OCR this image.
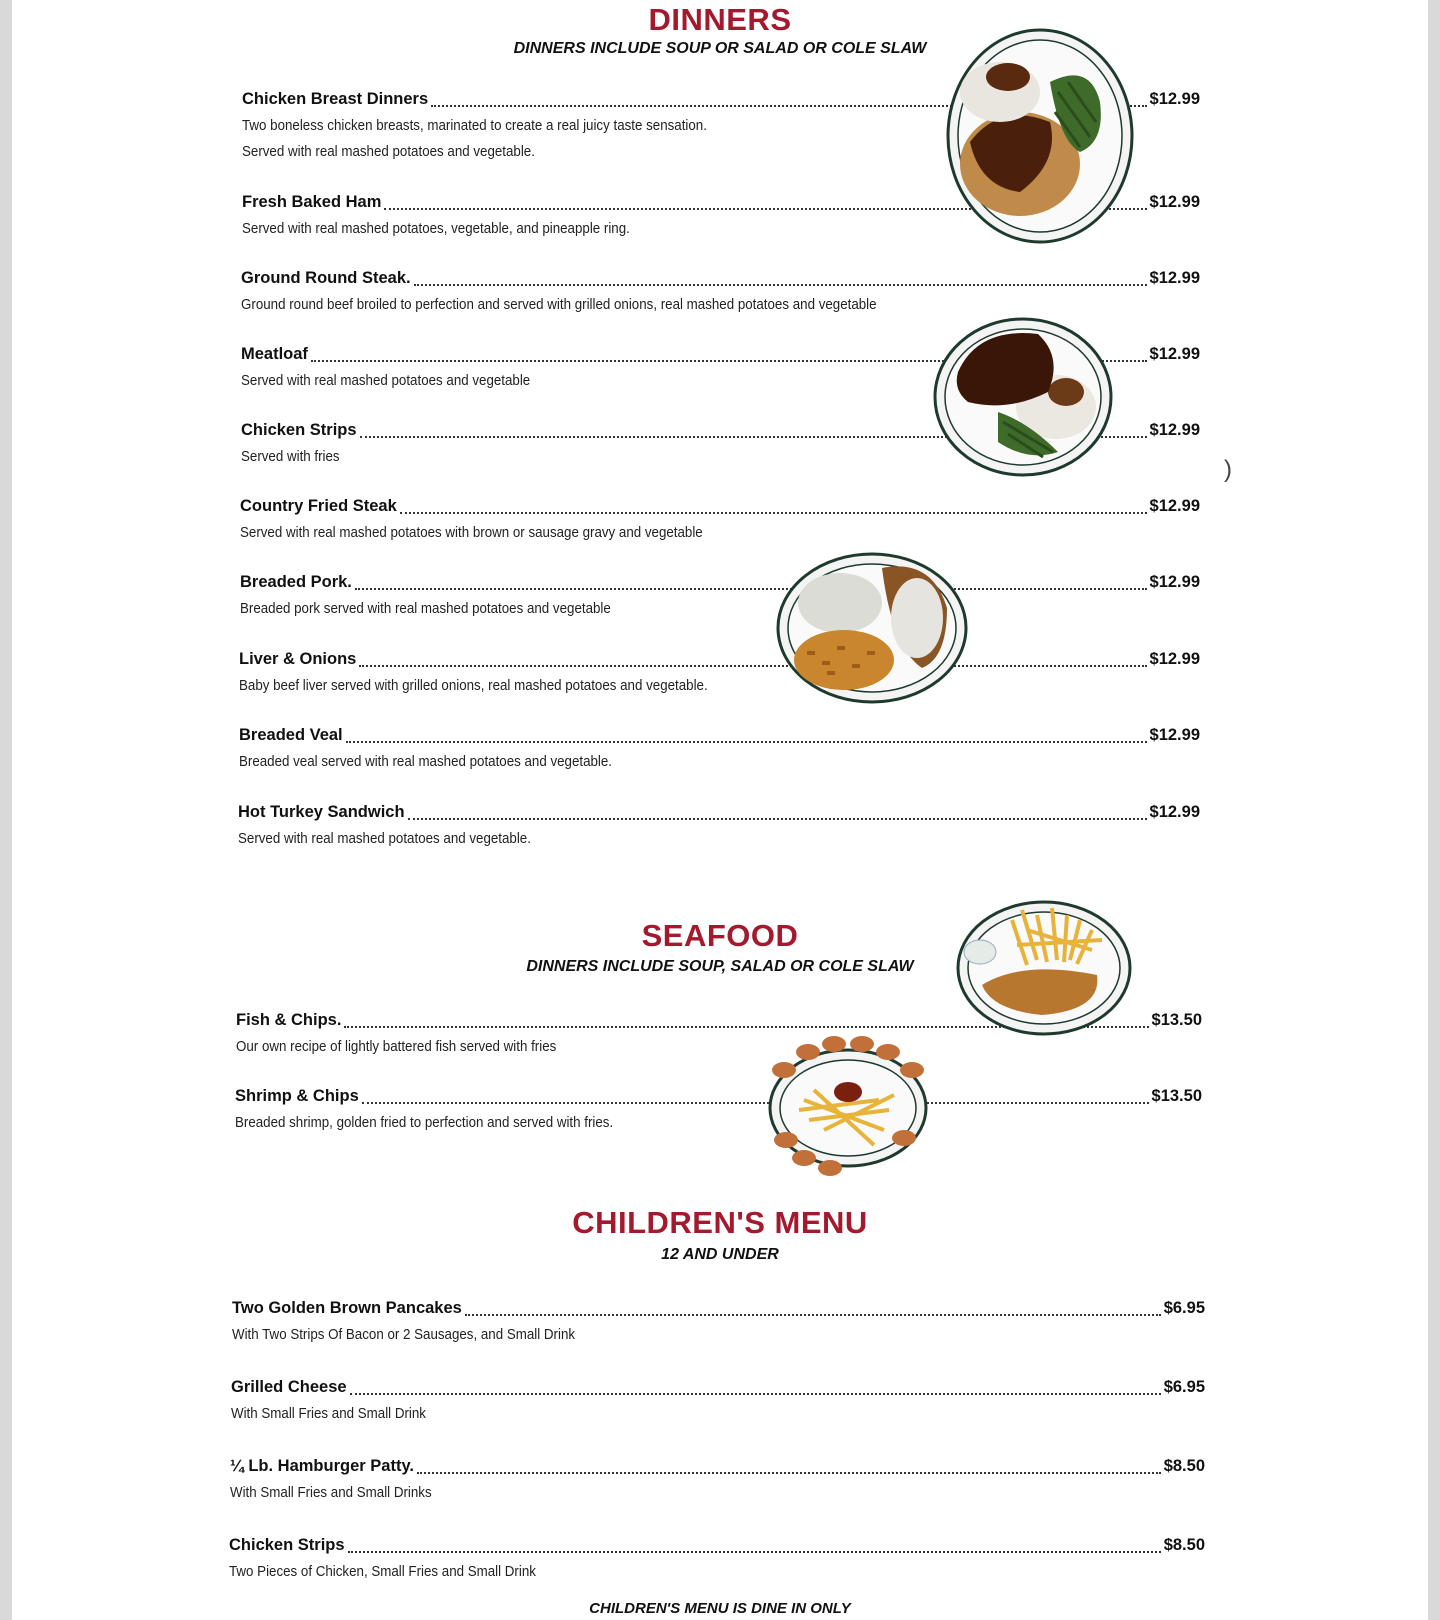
DINNERS
DINNERS INCLUDE SOUP OR SALAD OR COLE SLAW
Chicken Breast Dinners	$12.99
Two boneless chicken breasts, marinated to create a real juicy taste sensation.
Served with real mashed potatoes and vegetable.
Fresh Baked Ham	$12.99
Served with real mashed potatoes, vegetable, and pineapple ring.
Ground Round Steak.	$12.99
Ground round beef broiled to perfection and served with grilled onions, real mashed potatoes and vegetable
Meatloaf	$12.99
Served with real mashed potatoes and vegetable
Chicken Strips	$12.99
Served with fries
Country Fried Steak	$12.99
Served with real mashed potatoes with brown or sausage gravy and vegetable
Breaded Pork.	$12.99
Breaded pork served with real mashed potatoes and vegetable
Liver & Onions	$12.99
Baby beef liver served with grilled onions, real mashed potatoes and vegetable.
Breaded Veal	$12.99
Breaded veal served with real mashed potatoes and vegetable.
Hot Turkey Sandwich	$12.99
Served with real mashed potatoes and vegetable.
SEAFOOD
DINNERS INCLUDE SOUP, SALAD OR COLE SLAW
Fish & Chips.	$13.50
Our own recipe of lightly battered fish served with fries
Shrimp & Chips	$13.50
Breaded shrimp, golden fried to perfection and served with fries.
CHILDREN'S MENU
12 AND UNDER
Two Golden Brown Pancakes	$6.95
With Two Strips Of Bacon or 2 Sausages, and Small Drink
Grilled Cheese	$6.95
With Small Fries and Small Drink
¼ Lb. Hamburger Patty.	$8.50
With Small Fries and Small Drinks
Chicken Strips	$8.50
Two Pieces of Chicken, Small Fries and Small Drink
CHILDREN'S MENU IS DINE IN ONLY
)
